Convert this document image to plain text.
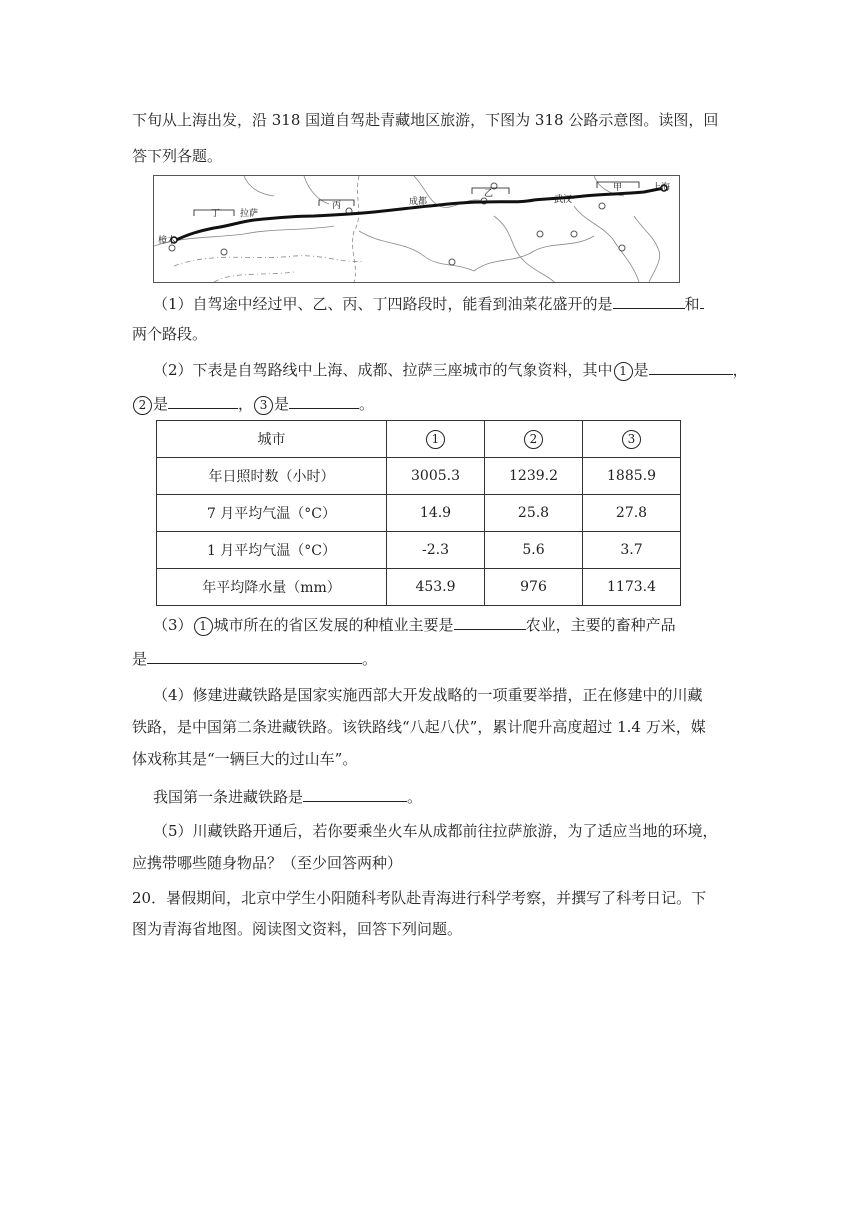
下旬从上海出发，沿 318 国道自驾赴青藏地区旅游，下图为 318 公路示意图。读图，回
答下列各题。
樟木
丁 拉萨
丙	成都
乙
武汉
甲	上海
（1）自驾途中经过甲、乙、丙、丁四路段时，能看到油菜花盛开的是	和
两个路段。
（2）下表是自驾路线中上海、成都、拉萨三座城市的气象资料，其中 1 是	，
2 是	， 3 是	。
城市	1	2	3
年日照时数（小时）	3005.3	1239.2	1885.9
7 月平均气温（°C）	14.9	25.8	27.8
1 月平均气温（°C）	-2.3	5.6	3.7
年平均降水量（mm）	453.9	976	1173.4
（3） 1 城市所在的省区发展的种植业主要是	农业，主要的畜种产品
是	。
（4）修建进藏铁路是国家实施西部大开发战略的一项重要举措，正在修建中的川藏
铁路，是中国第二条进藏铁路。该铁路线“八起八伏”，累计爬升高度超过 1.4 万米，媒
体戏称其是“一辆巨大的过山车”。
我国第一条进藏铁路是	。
（5）川藏铁路开通后，若你要乘坐火车从成都前往拉萨旅游，为了适应当地的环境，
应携带哪些随身物品？（至少回答两种）
20．暑假期间，北京中学生小阳随科考队赴青海进行科学考察，并撰写了科考日记。下
图为青海省地图。阅读图文资料，回答下列问题。
